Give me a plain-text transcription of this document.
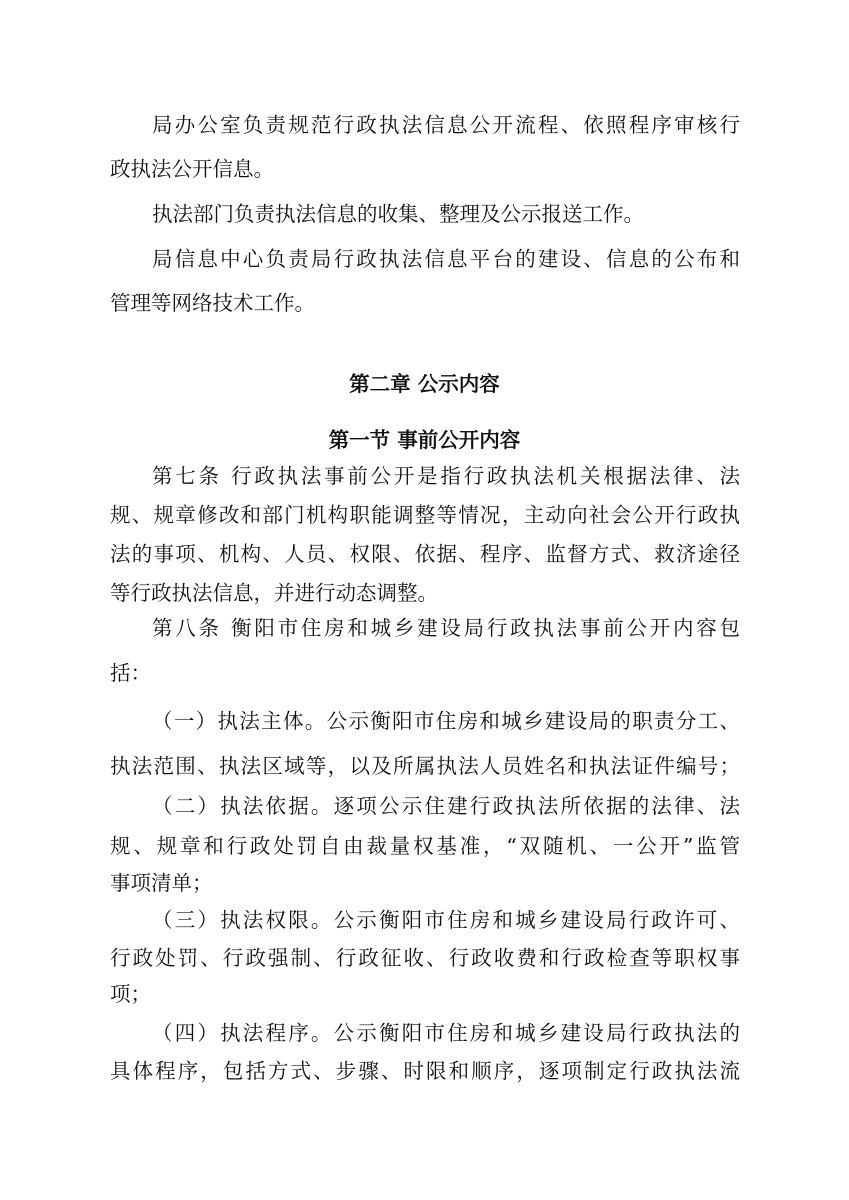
局办公室负责规范行政执法信息公开流程、依照程序审核行
政执法公开信息。
执法部门负责执法信息的收集、整理及公示报送工作。
局信息中心负责局行政执法信息平台的建设、信息的公布和
管理等网络技术工作。
第二章 公示内容
第一节 事前公开内容
第七条 行政执法事前公开是指行政执法机关根据法律、法
规、规章修改和部门机构职能调整等情况，主动向社会公开行政执
法的事项、机构、人员、权限、依据、程序、监督方式、救济途径
等行政执法信息，并进行动态调整。
第八条 衡阳市住房和城乡建设局行政执法事前公开内容包
括：
（一）执法主体。公示衡阳市住房和城乡建设局的职责分工、
执法范围、执法区域等，以及所属执法人员姓名和执法证件编号；
（二）执法依据。逐项公示住建行政执法所依据的法律、法
规、规章和行政处罚自由裁量权基准，“双随机、一公开”监管
事项清单；
（三）执法权限。公示衡阳市住房和城乡建设局行政许可、
行政处罚、行政强制、行政征收、行政收费和行政检查等职权事
项；
（四）执法程序。公示衡阳市住房和城乡建设局行政执法的
具体程序，包括方式、步骤、时限和顺序，逐项制定行政执法流
